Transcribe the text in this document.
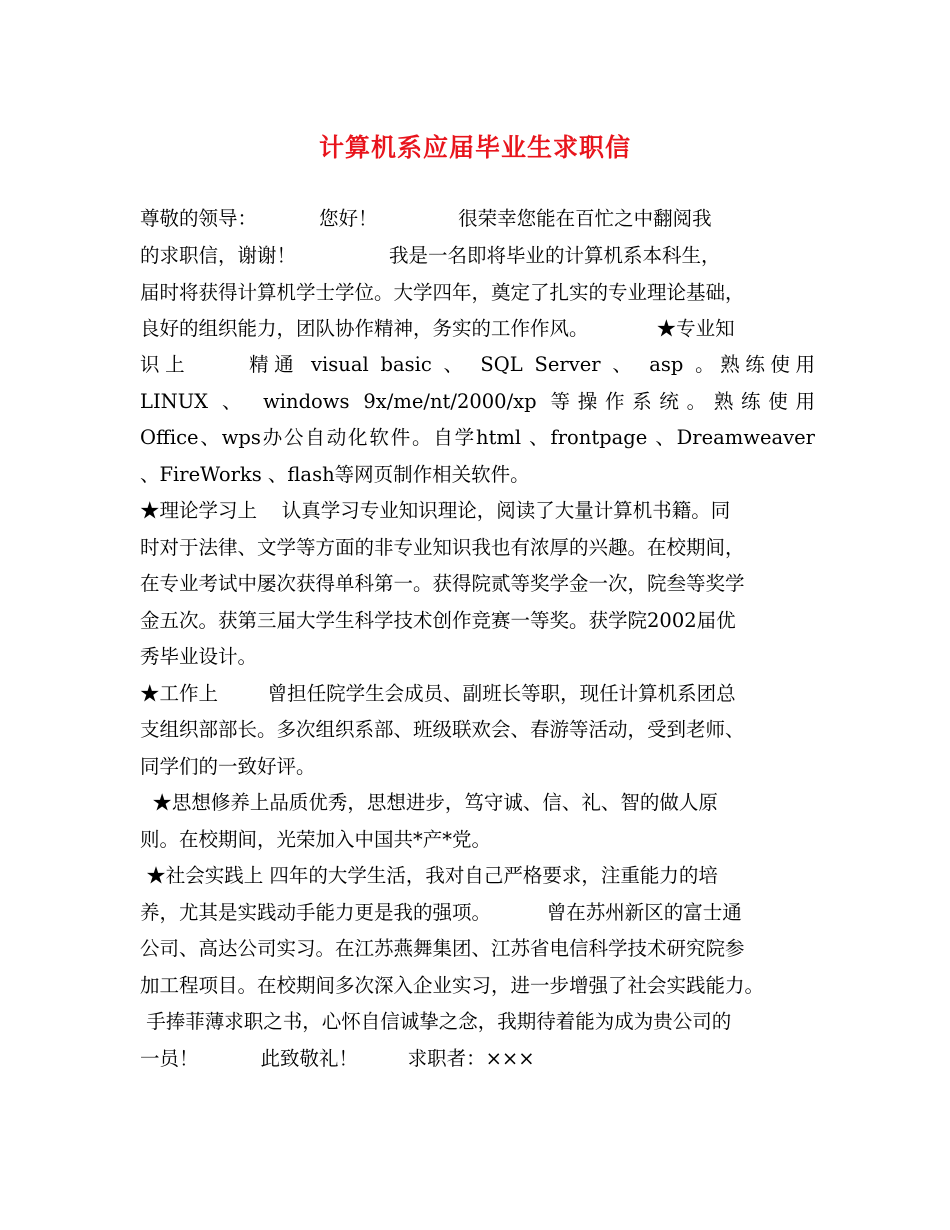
计算机系应届毕业生求职信
尊敬的领导：          您好！             很荣幸您能在百忙之中翻阅我
的求职信，谢谢！               我是一名即将毕业的计算机系本科生，
届时将获得计算机学士学位。大学四年，奠定了扎实的专业理论基础，
良好的组织能力，团队协作精神，务实的工作作风。           ★专业知
识上     精通 visual basic 、 SQL Server 、 asp 。熟练使用
LINUX 、 windows 9x/me/nt/2000/xp 等操作系统。熟练使用
Office、wps办公自动化软件。自学html 、frontpage 、Dreamweaver
、FireWorks 、flash等网页制作相关软件。
★理论学习上    认真学习专业知识理论，阅读了大量计算机书籍。同
时对于法律、文学等方面的非专业知识我也有浓厚的兴趣。在校期间，
在专业考试中屡次获得单科第一。获得院贰等奖学金一次，院叁等奖学
金五次。获第三届大学生科学技术创作竞赛一等奖。获学院2002届优
秀毕业设计。
★工作上        曾担任院学生会成员、副班长等职，现任计算机系团总
支组织部部长。多次组织系部、班级联欢会、春游等活动，受到老师、
同学们的一致好评。
★思想修养上品质优秀，思想进步，笃守诚、信、礼、智的做人原
则。在校期间，光荣加入中国共*产*党。
★社会实践上 四年的大学生活，我对自己严格要求，注重能力的培
养，尤其是实践动手能力更是我的强项。         曾在苏州新区的富士通
公司、高达公司实习。在江苏燕舞集团、江苏省电信科学技术研究院参
加工程项目。在校期间多次深入企业实习，进一步增强了社会实践能力。
手捧菲薄求职之书，心怀自信诚挚之念，我期待着能为成为贵公司的
一员！          此致敬礼！        求职者：×××
